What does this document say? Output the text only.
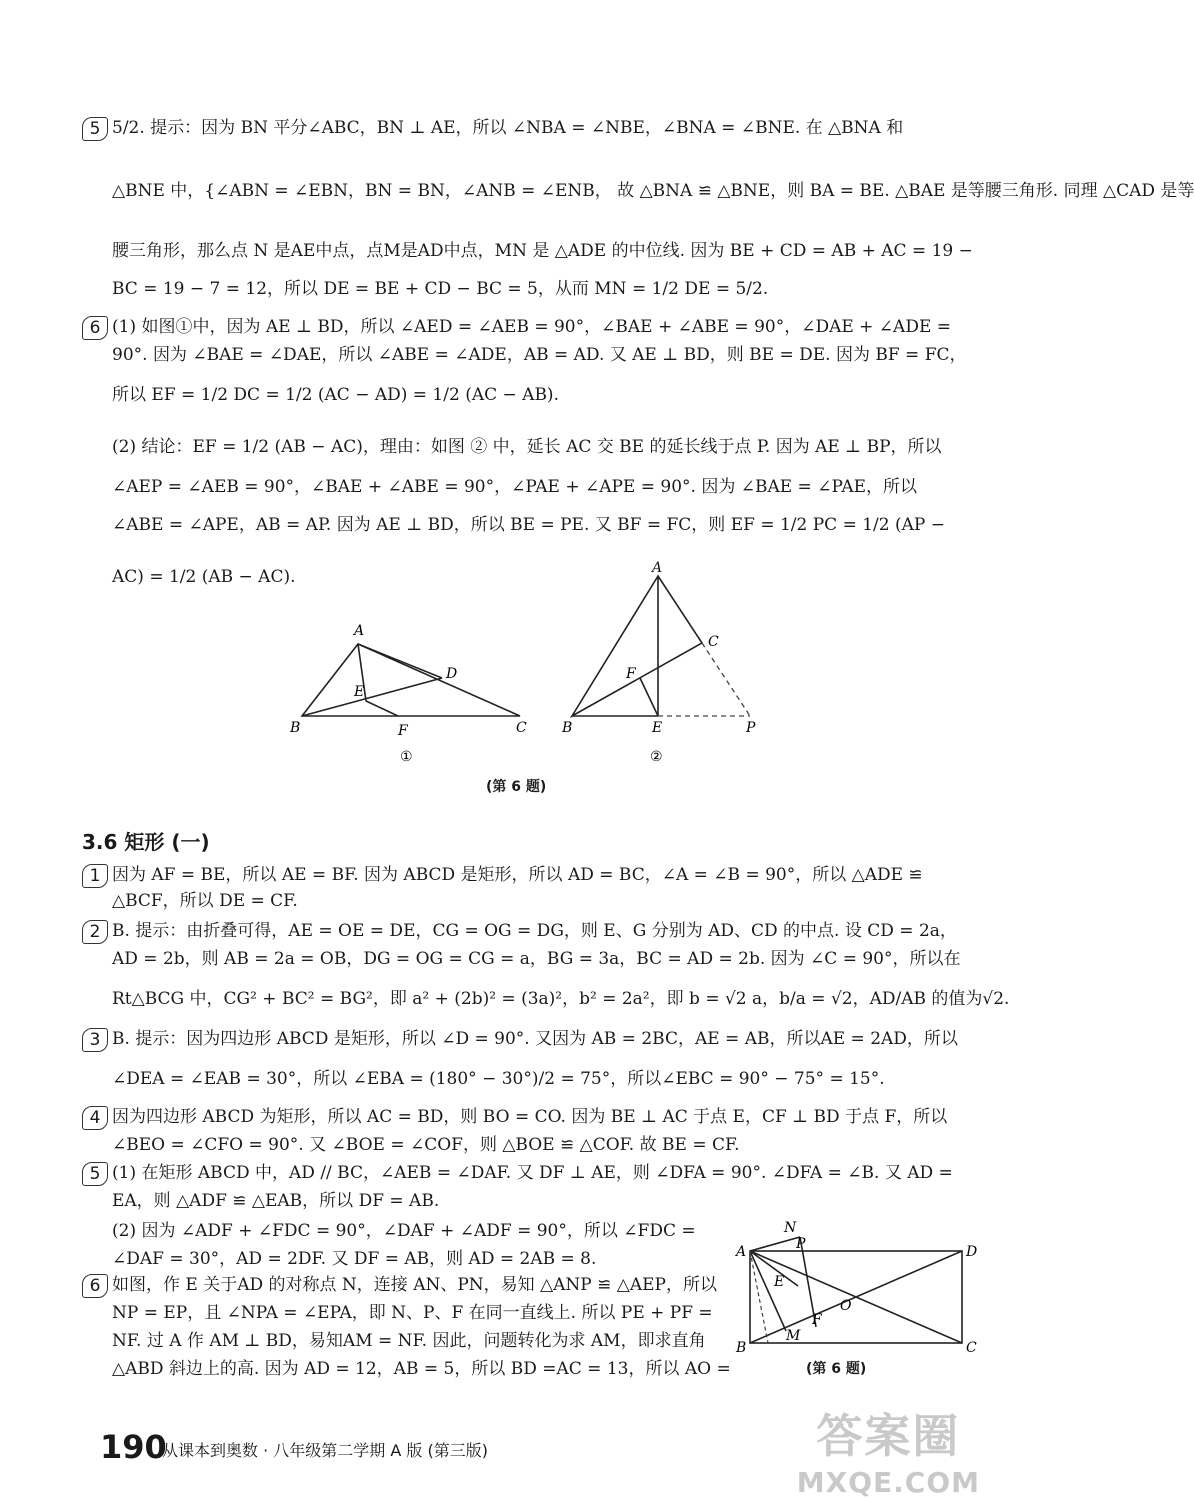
5 5/2. 提示：因为 BN 平分∠ABC，BN ⊥ AE，所以 ∠NBA = ∠NBE，∠BNA = ∠BNE. 在 △BNA 和
△BNE 中，{∠ABN = ∠EBN，BN = BN，∠ANB = ∠ENB， 故 △BNA ≌ △BNE，则 BA = BE. △BAE 是等腰三角形. 同理 △CAD 是等
腰三角形，那么点 N 是AE中点，点M是AD中点，MN 是 △ADE 的中位线. 因为 BE + CD = AB + AC = 19 −
BC = 19 − 7 = 12，所以 DE = BE + CD − BC = 5，从而 MN = 1/2 DE = 5/2.
6 (1) 如图①中，因为 AE ⊥ BD，所以 ∠AED = ∠AEB = 90°，∠BAE + ∠ABE = 90°，∠DAE + ∠ADE =
90°. 因为 ∠BAE = ∠DAE，所以 ∠ABE = ∠ADE，AB = AD. 又 AE ⊥ BD，则 BE = DE. 因为 BF = FC，
所以 EF = 1/2 DC = 1/2 (AC − AD) = 1/2 (AC − AB).
(2) 结论：EF = 1/2 (AB − AC)，理由：如图 ② 中，延长 AC 交 BE 的延长线于点 P. 因为 AE ⊥ BP，所以
∠AEP = ∠AEB = 90°，∠BAE + ∠ABE = 90°，∠PAE + ∠APE = 90°. 因为 ∠BAE = ∠PAE，所以
∠ABE = ∠APE，AB = AP. 因为 AE ⊥ BD，所以 BE = PE. 又 BF = FC，则 EF = 1/2 PC = 1/2 (AP −
AC) = 1/2 (AB − AC).
A
B	C
D
E
F
①
F
C
B	E	P
②
A
(第 6 题)
3.6 矩形 (一)
1 因为 AF = BE，所以 AE = BF. 因为 ABCD 是矩形，所以 AD = BC，∠A = ∠B = 90°，所以 △ADE ≌
△BCF，所以 DE = CF.
2 B. 提示：由折叠可得，AE = OE = DE，CG = OG = DG，则 E、G 分别为 AD、CD 的中点. 设 CD = 2a，
AD = 2b，则 AB = 2a = OB，DG = OG = CG = a，BG = 3a，BC = AD = 2b. 因为 ∠C = 90°，所以在
Rt△BCG 中，CG² + BC² = BG²，即 a² + (2b)² = (3a)²，b² = 2a²，即 b = √2 a，b/a = √2，AD/AB 的值为√2.
3 B. 提示：因为四边形 ABCD 是矩形，所以 ∠D = 90°. 又因为 AB = 2BC，AE = AB，所以AE = 2AD，所以
∠DEA = ∠EAB = 30°，所以 ∠EBA = (180° − 30°)/2 = 75°，所以∠EBC = 90° − 75° = 15°.
4 因为四边形 ABCD 为矩形，所以 AC = BD，则 BO = CO. 因为 BE ⊥ AC 于点 E，CF ⊥ BD 于点 F，所以
∠BEO = ∠CFO = 90°. 又 ∠BOE = ∠COF，则 △BOE ≌ △COF. 故 BE = CF.
5 (1) 在矩形 ABCD 中，AD // BC，∠AEB = ∠DAF. 又 DF ⊥ AE，则 ∠DFA = 90°. ∠DFA = ∠B. 又 AD =
EA，则 △ADF ≌ △EAB，所以 DF = AB.
(2) 因为 ∠ADF + ∠FDC = 90°，∠DAF + ∠ADF = 90°，所以 ∠FDC =
∠DAF = 30°，AD = 2DF. 又 DF = AB，则 AD = 2AB = 8.
6 如图，作 E 关于AD 的对称点 N，连接 AN、PN，易知 △ANP ≌ △AEP，所以
NP = EP，且 ∠NPA = ∠EPA，即 N、P、F 在同一直线上. 所以 PE + PF =
NF. 过 A 作 AM ⊥ BD，易知AM = NF. 因此，问题转化为求 AM，即求直角
△ABD 斜边上的高. 因为 AD = 12，AB = 5，所以 BD =AC = 13，所以 AO =
A	D
B	C
N
P
E
F
M
O
(第 6 题)
190
从课本到奥数 · 八年级第二学期 A 版 (第三版)	答案圈
MXQE.COM
